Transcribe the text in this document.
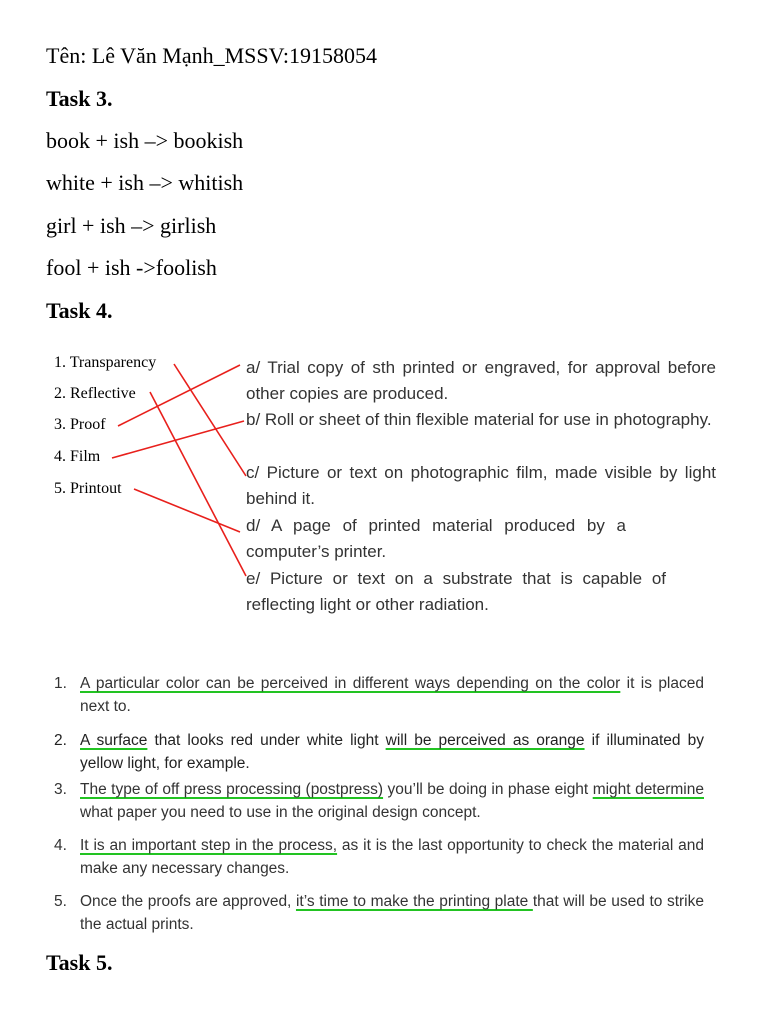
Tên: Lê Văn Mạnh_MSSV:19158054
Task 3.
book + ish –> bookish
white + ish –> whitish
girl + ish –> girlish
fool + ish ->foolish
Task 4.
1. Transparency
2. Reflective
3. Proof
4. Film
5. Printout
a/ Trial copy of sth printed or engraved, for approval before other copies are produced.
b/ Roll or sheet of thin flexible material for use in photography.
c/ Picture or text on photographic film, made visible by light behind it.
d/ A page of printed material produced by a computer’s printer.
e/ Picture or text on a substrate that is capable of reflecting light or other radiation.
1. A particular color can be perceived in different ways depending on the color it is placed next to.
2. A surface that looks red under white light will be perceived as orange if illuminated by yellow light, for example.
3. The type of off press processing (postpress) you’ll be doing in phase eight might determine what paper you need to use in the original design concept.
4. It is an important step in the process, as it is the last opportunity to check the material and make any necessary changes.
5. Once the proofs are approved, it’s time to make the printing plate that will be used to strike the actual prints.
Task 5.
